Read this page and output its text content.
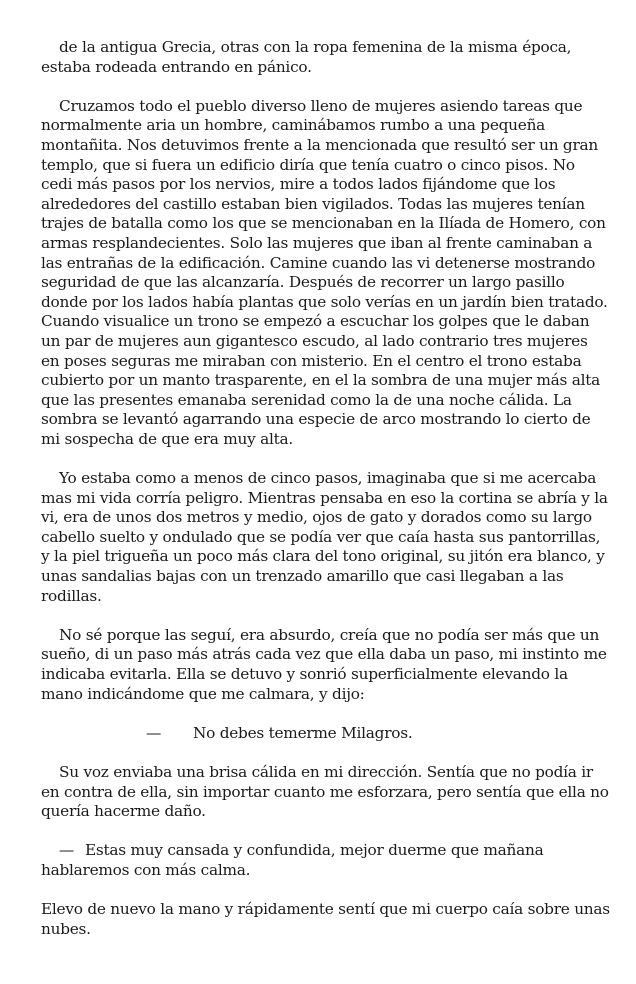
de la antigua Grecia, otras con la ropa femenina de la misma época, estaba rodeada entrando en pánico.

Cruzamos todo el pueblo diverso lleno de mujeres asiendo tareas que normalmente aria un hombre, caminábamos rumbo a una pequeña montañita. Nos detuvimos frente a la mencionada que resultó ser un gran templo, que si fuera un edificio diría que tenía cuatro o cinco pisos. No cedi más pasos por los nervios, mire a todos lados fijándome que los alrededores del castillo estaban bien vigilados. Todas las mujeres tenían trajes de batalla como los que se mencionaban en la Ilíada de Homero, con armas resplandecientes. Solo las mujeres que iban al frente caminaban a las entrañas de la edificación. Camine cuando las vi detenerse mostrando seguridad de que las alcanzaría. Después de recorrer un largo pasillo donde por los lados había plantas que solo verías en un jardín bien tratado. Cuando visualice un trono se empezó a escuchar los golpes que le daban un par de mujeres aun gigantesco escudo, al lado contrario tres mujeres en poses seguras me miraban con misterio. En el centro el trono estaba cubierto por un manto trasparente, en el la sombra de una mujer más alta que las presentes emanaba serenidad como la de una noche cálida. La sombra se levantó agarrando una especie de arco mostrando lo cierto de mi sospecha de que era muy alta.

Yo estaba como a menos de cinco pasos, imaginaba que si me acercaba mas mi vida corría peligro. Mientras pensaba en eso la cortina se abría y la vi, era de unos dos metros y medio, ojos de gato y dorados como su largo cabello suelto y ondulado que se podía ver que caía hasta sus pantorrillas, y la piel trigueña un poco más clara del tono original, su jitón era blanco, y unas sandalias bajas con un trenzado amarillo que casi llegaban a las rodillas.

No sé porque las seguí, era absurdo, creía que no podía ser más que un sueño, di un paso más atrás cada vez que ella daba un paso, mi instinto me indicaba evitarla. Ella se detuvo y sonrió superficialmente elevando la mano indicándome que me calmara, y dijo:

—	No debes temerme Milagros.

Su voz enviaba una brisa cálida en mi dirección. Sentía que no podía ir en contra de ella, sin importar cuanto me esforzara, pero sentía que ella no quería hacerme daño.

— Estas muy cansada y confundida, mejor duerme que mañana hablaremos con más calma.

Elevo de nuevo la mano y rápidamente sentí que mi cuerpo caía sobre unas nubes.
